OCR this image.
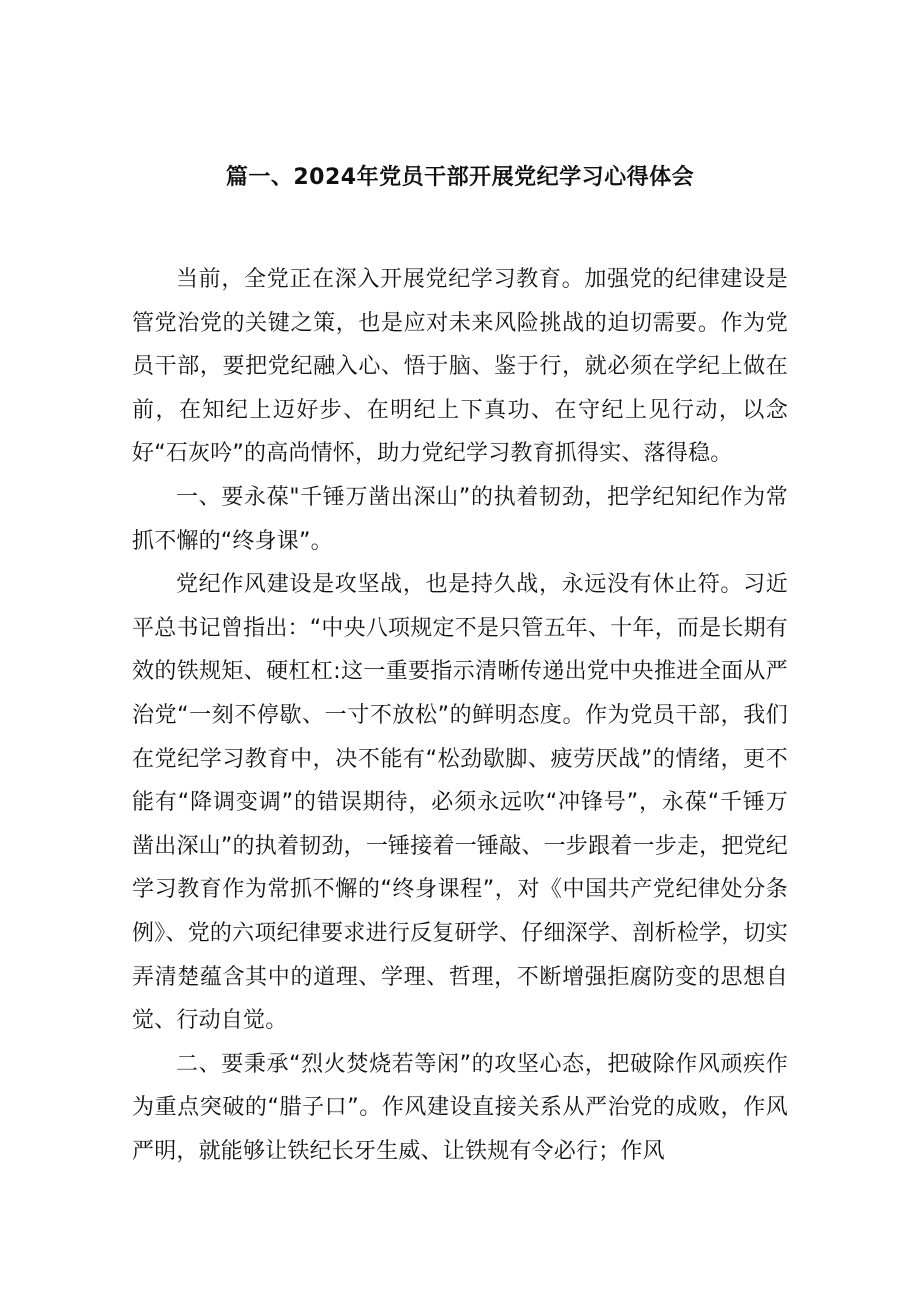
篇一、2024年党员干部开展党纪学习心得体会

当前，全党正在深入开展党纪学习教育。加强党的纪律建设是管党治党的关键之策，也是应对未来风险挑战的迫切需要。作为党员干部，要把党纪融入心、悟于脑、鉴于行，就必须在学纪上做在前，在知纪上迈好步、在明纪上下真功、在守纪上见行动，以念好“石灰吟”的高尚情怀，助力党纪学习教育抓得实、落得稳。

一、要永葆"千锤万凿出深山”的执着韧劲，把学纪知纪作为常抓不懈的“终身课”。

党纪作风建设是攻坚战，也是持久战，永远没有休止符。习近平总书记曾指出：“中央八项规定不是只管五年、十年，而是长期有效的铁规矩、硬杠杠:这一重要指示清晰传递出党中央推进全面从严治党“一刻不停歇、一寸不放松”的鲜明态度。作为党员干部，我们在党纪学习教育中，决不能有“松劲歇脚、疲劳厌战”的情绪，更不能有“降调变调”的错误期待，必须永远吹“冲锋号”，永葆“千锤万凿出深山”的执着韧劲，一锤接着一锤敲、一步跟着一步走，把党纪学习教育作为常抓不懈的“终身课程”，对《中国共产党纪律处分条例》、党的六项纪律要求进行反复研学、仔细深学、剖析检学，切实弄清楚蕴含其中的道理、学理、哲理，不断增强拒腐防变的思想自觉、行动自觉。

二、要秉承“烈火焚烧若等闲”的攻坚心态，把破除作风顽疾作为重点突破的“腊子口”。作风建设直接关系从严治党的成败，作风严明，就能够让铁纪长牙生威、让铁规有令必行；作风
